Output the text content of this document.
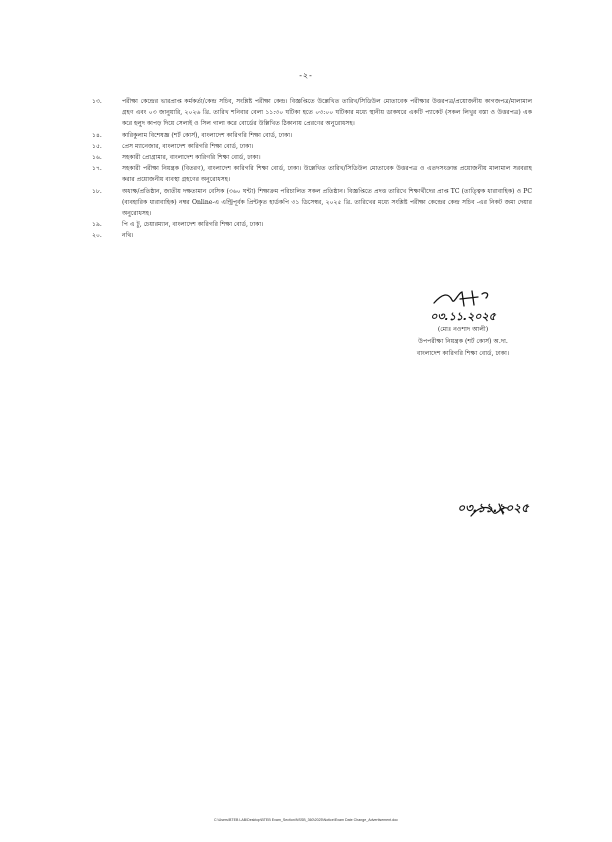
-২-
১৩.	পরীক্ষা কেন্দ্রের ভারপ্রাপ্ত কর্মকর্তা/কেন্দ্র সচিব, সংশ্লিষ্ট পরীক্ষা কেন্দ্র। বিজ্ঞপ্তিতে উল্লেখিত তারিখ/সিডিউল মোতাবেক পরীক্ষার উত্তরপত্র/প্রয়োজনীয় কাগজপত্র/মালামাল গ্রহণ এবং ০৩ জানুয়ারি, ২০২৬ খ্রি. তারিখ শনিবার বেলা ১১:৩০ ঘটিকা হতে ০৩:০০ ঘটিকার মধ্যে স্থানীয় ডাকঘরে একটি প্যাকেট (সকল লিখুর বস্তা ও উত্তরপত্র) এক করে হলুদ কাপড় দিয়ে সেলাই ও সিল গালা করে বোর্ডের উল্লিখিত ঠিকানায় প্রেরণের অনুরোধসহ।
১৪.	কারিকুলাম বিশেষজ্ঞ (শর্ট কোর্স), বাংলাদেশ কারিগরি শিক্ষা বোর্ড, ঢাকা।
১৫.	প্রেস ম্যানেজার, বাংলাদেশ কারিগরি শিক্ষা বোর্ড, ঢাকা।
১৬.	সহকারী প্রোগ্রামার, বাংলাদেশ কারিগরি শিক্ষা বোর্ড, ঢাকা।
১৭.	সহকারী পরীক্ষা নিয়ন্ত্রক (বিতরণ), বাংলাদেশ কারিগরি শিক্ষা বোর্ড, ঢাকা। উল্লেখিত তারিখ/সিডিউল মোতাবেক উত্তরপত্র ও এতদসংক্রান্ত প্রয়োজনীয় মালামাল সরবরাহ করার প্রয়োজনীয় ব্যবস্থা গ্রহণের অনুরোধসহ।
১৮.	অধ্যক্ষ/প্রতিষ্ঠান, জাতীয় দক্ষতামান বেসিক (৩৬০ ঘন্টা) শিক্ষাক্রম পরিচালিত সকল প্রতিষ্ঠান। বিজ্ঞপ্তিতে প্রদত্ত তারিখে শিক্ষার্থীদের প্রাপ্ত TC (তাত্ত্বিক ধারাবাহিক) ও PC (ব্যবহারিক ধারাবাহিক) নম্বর Online-এ এন্ট্রিপূর্বক প্রিন্টকৃত হার্ডকপি ৩১ ডিসেম্বর, ২০২৫ খ্রি. তারিখের মধ্যে সংশ্লিষ্ট পরীক্ষা কেন্দ্রের কেন্দ্র সচিব -এর নিকট জমা দেয়ার অনুরোধসহ।
১৯.	পি এ টু, চেয়ারম্যান, বাংলাদেশ কারিগরি শিক্ষা বোর্ড, ঢাকা।
২০.	নথি।
০৩.১১.২০২৫
(মোঃ নওশাদ আলী)
উপপরীক্ষা নিয়ন্ত্রক (শর্ট কোর্স) অ.দা.
বাংলাদেশ কারিগরি শিক্ষা বোর্ড, ঢাকা।
০৩.১১.২০২৫
C:\Users\BTEB LAB\Desktop\BTEB Exam_Section\NSSB_360\2025\Notice\Exam Date Change_Advertisement.doc
